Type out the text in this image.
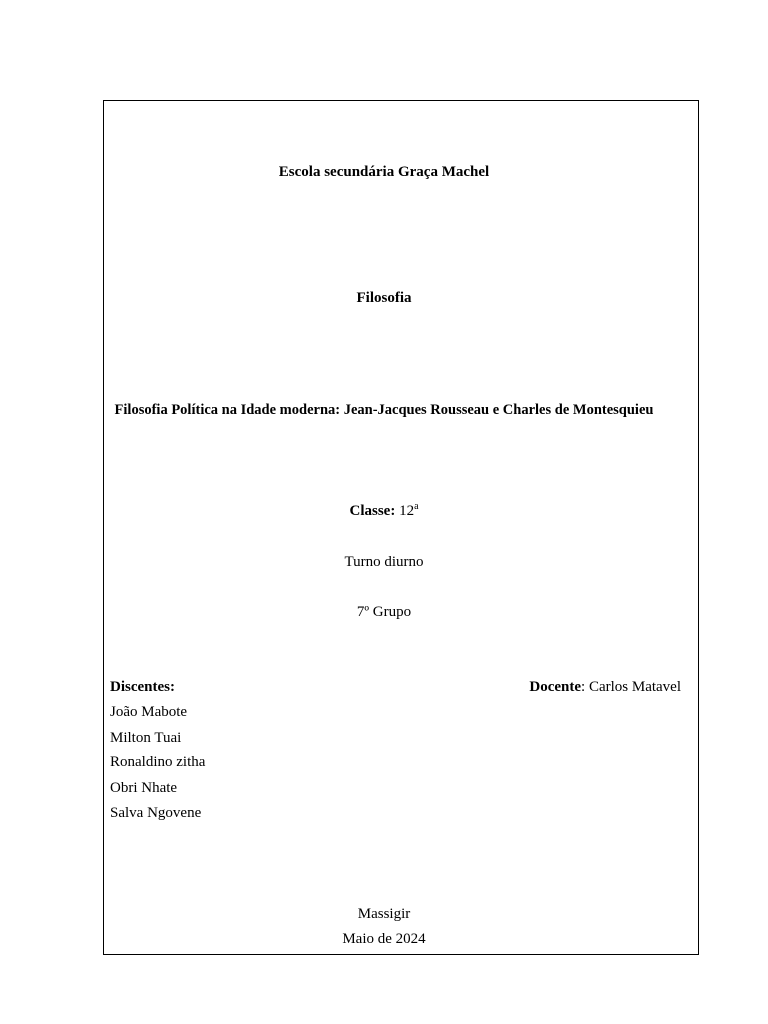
Escola secundária Graça Machel
Filosofia
Filosofia Política na Idade moderna: Jean-Jacques Rousseau e Charles de Montesquieu
Classe: 12$^a$
Turno diurno
7º Grupo
Discentes:	Docente: Carlos Matavel
João Mabote
Milton Tuai
Ronaldino zitha
Obri Nhate
Salva Ngovene
Massigir
Maio de 2024
